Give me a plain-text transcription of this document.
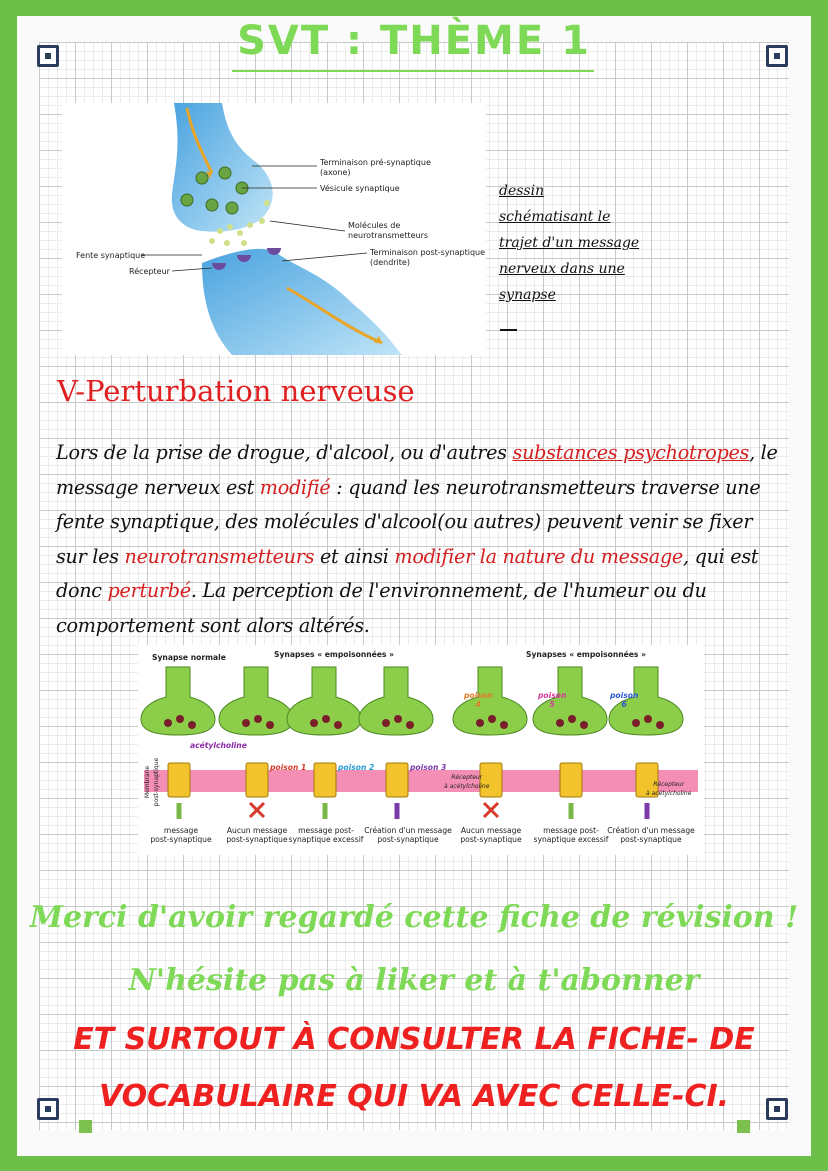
SVT : THÈME 1
Terminaison pré-synaptique
(axone)
Vésicule synaptique
Molécules de
neurotransmetteurs
Terminaison post-synaptique
(dendrite)
Fente synaptique
Récepteur
dessin
schématisant le
trajet d'un message
nerveux dans une
synapse
V-Perturbation nerveuse
Lors de la prise de drogue, d'alcool, ou d'autres substances psychotropes, le message nerveux est modifié : quand les neurotransmetteurs traverse une fente synaptique, des molécules d'alcool(ou autres) peuvent venir se fixer sur les neurotransmetteurs et ainsi modifier la nature du message, qui est donc perturbé. La perception de l'environnement, de l'humeur ou du comportement sont alors altérés.
Synapse normale	Synapses « empoisonnées »	Synapses « empoisonnées »
acétylcholine
Membrane
post-synaptique	Récepteur
à acétylcholine	Récepteur
à acétylcholine
poison 1	poison 2	poison 3
poison
4
poison
5
poison
6
message
post-synaptique
Aucun message
post-synaptique
message post-
synaptique excessif
Création d'un message
post-synaptique
Aucun message
post-synaptique
message post-
synaptique excessif
Création d'un message
post-synaptique
Merci d'avoir regardé cette fiche de révision !
N'hésite pas à liker et à t'abonner
ET SURTOUT À CONSULTER LA FICHE- DE
VOCABULAIRE QUI VA AVEC CELLE-CI.
